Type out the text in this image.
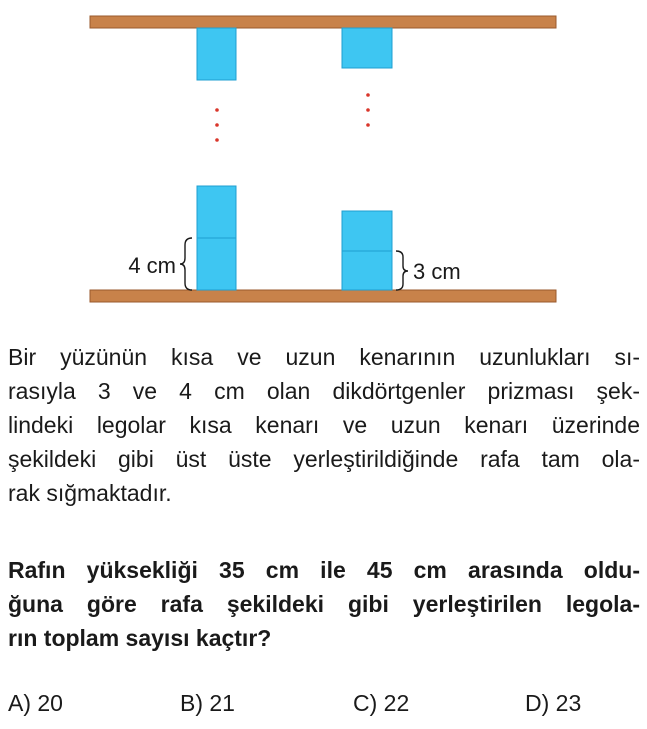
4 cm	3 cm
Bir yüzünün kısa ve uzun kenarının uzunlukları sı-
rasıyla 3 ve 4 cm olan dikdörtgenler prizması şek-
lindeki legolar kısa kenarı ve uzun kenarı üzerinde
şekildeki gibi üst üste yerleştirildiğinde rafa tam ola-
rak sığmaktadır.
Rafın yüksekliği 35 cm ile 45 cm arasında oldu-
ğuna göre rafa şekildeki gibi yerleştirilen legola-
rın toplam sayısı kaçtır?
A) 20	B) 21	C) 22	D) 23
